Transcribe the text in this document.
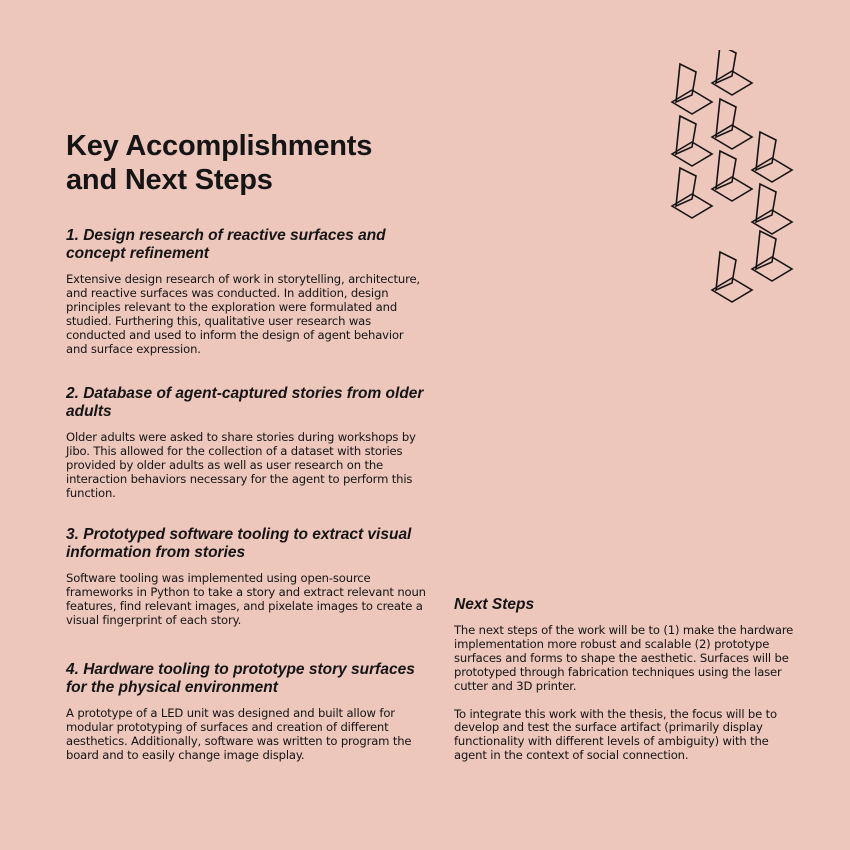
Key Accomplishments and Next Steps
1. Design research of reactive surfaces and concept refinement

Extensive design research of work in storytelling, architecture, and reactive surfaces was conducted. In addition, design principles relevant to the exploration were formulated and studied. Furthering this, qualitative user research was conducted and used to inform the design of agent behavior and surface expression.

2. Database of agent-captured stories from older adults

Older adults were asked to share stories during workshops by Jibo. This allowed for the collection of a dataset with stories provided by older adults as well as user research on the interaction behaviors necessary for the agent to perform this function.

3. Prototyped software tooling to extract visual information from stories

Software tooling was implemented using open-source frameworks in Python to take a story and extract relevant noun features, find relevant images, and pixelate images to create a visual fingerprint of each story.

4. Hardware tooling to prototype story surfaces for the physical environment

A prototype of a LED unit was designed and built allow for modular prototyping of surfaces and creation of different aesthetics. Additionally, software was written to program the board and to easily change image display.

Next Steps

The next steps of the work will be to (1) make the hardware implementation more robust and scalable (2) prototype surfaces and forms to shape the aesthetic. Surfaces will be prototyped through fabrication techniques using the laser cutter and 3D printer.

To integrate this work with the thesis, the focus will be to develop and test the surface artifact (primarily display functionality with different levels of ambiguity) with the agent in the context of social connection.
